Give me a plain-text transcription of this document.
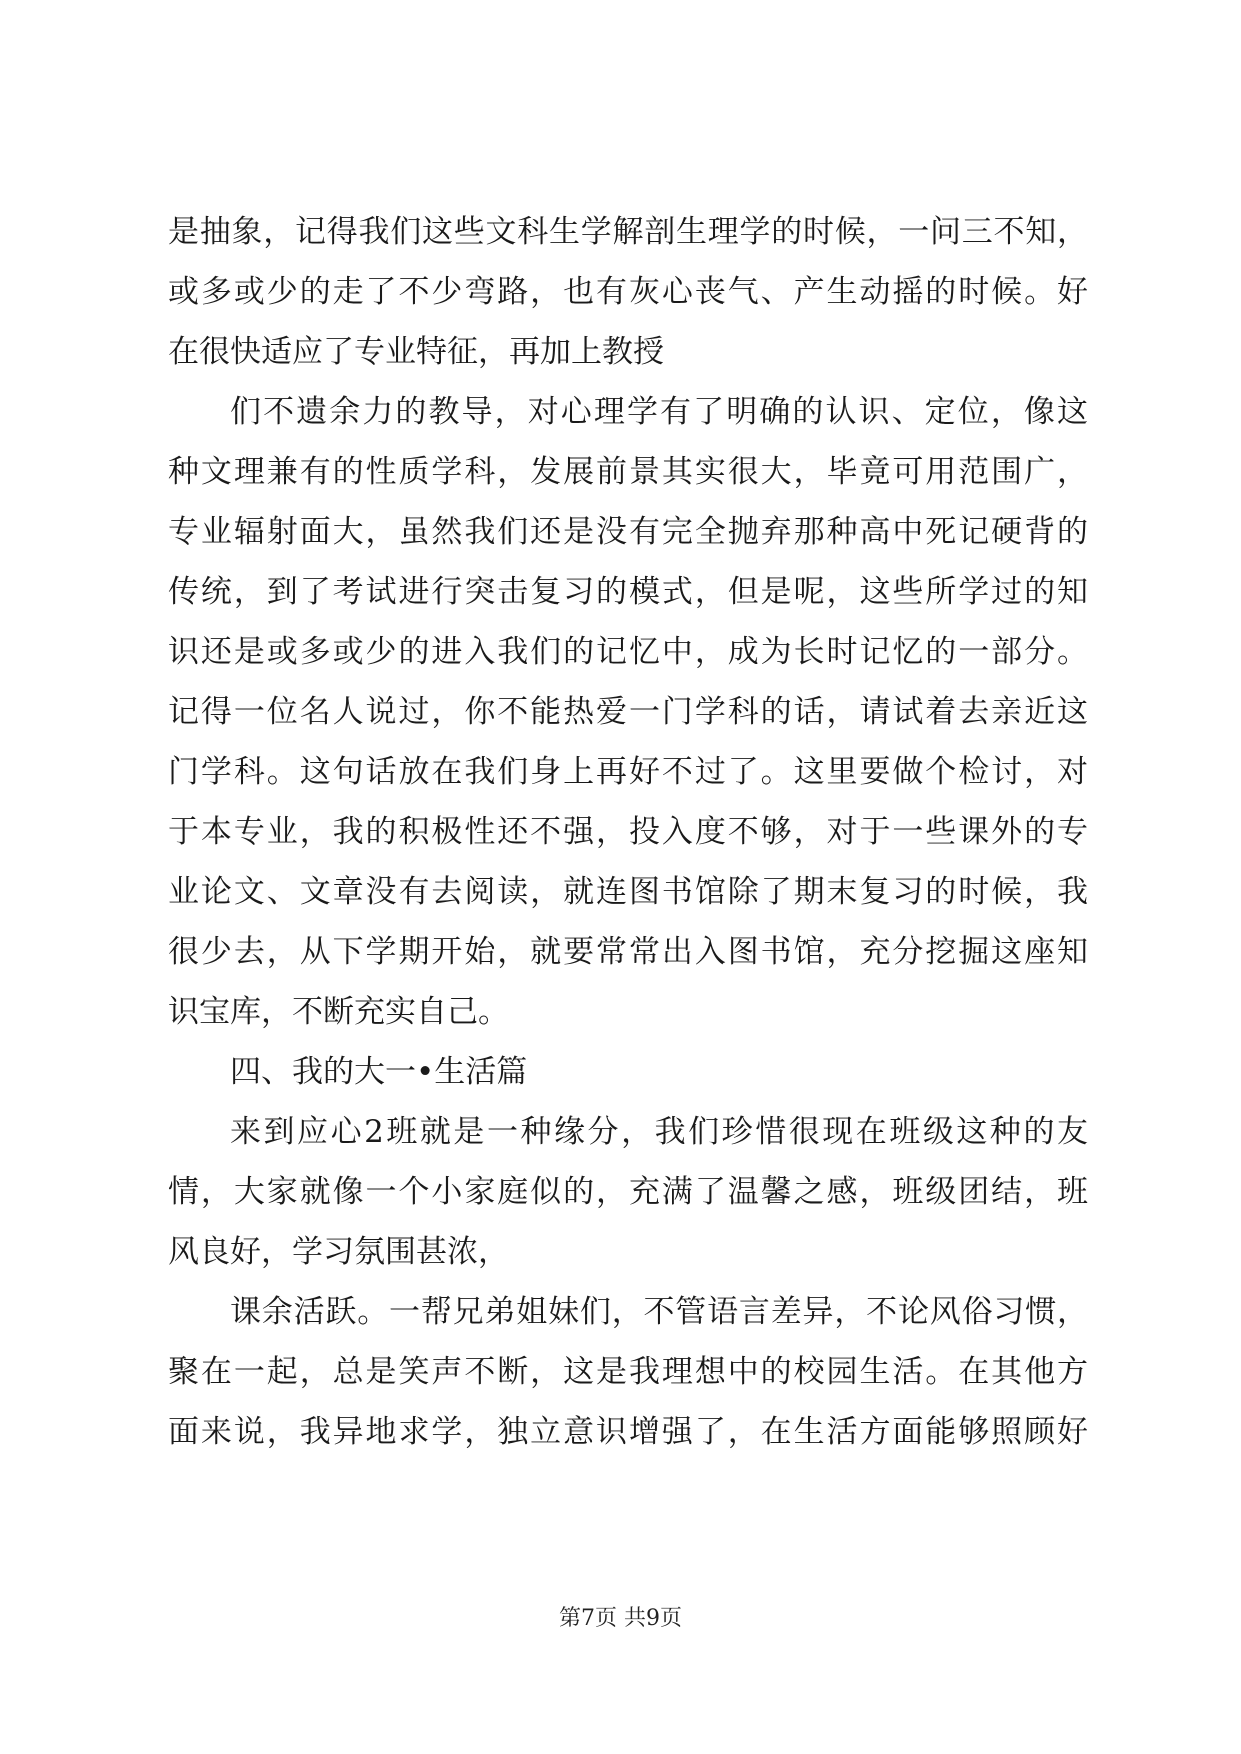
是抽象，记得我们这些文科生学解剖生理学的时候，一问三不知，
或多或少的走了不少弯路，也有灰心丧气、产生动摇的时候。好
在很快适应了专业特征，再加上教授
们不遗余力的教导，对心理学有了明确的认识、定位，像这
种文理兼有的性质学科，发展前景其实很大，毕竟可用范围广，
专业辐射面大，虽然我们还是没有完全抛弃那种高中死记硬背的
传统，到了考试进行突击复习的模式，但是呢，这些所学过的知
识还是或多或少的进入我们的记忆中，成为长时记忆的一部分。
记得一位名人说过，你不能热爱一门学科的话，请试着去亲近这
门学科。这句话放在我们身上再好不过了。这里要做个检讨，对
于本专业，我的积极性还不强，投入度不够，对于一些课外的专
业论文、文章没有去阅读，就连图书馆除了期末复习的时候，我
很少去，从下学期开始，就要常常出入图书馆，充分挖掘这座知
识宝库，不断充实自己。
四、我的大一•生活篇
来到应心2班就是一种缘分，我们珍惜很现在班级这种的友
情，大家就像一个小家庭似的，充满了温馨之感，班级团结，班
风良好，学习氛围甚浓，
课余活跃。一帮兄弟姐妹们，不管语言差异，不论风俗习惯，
聚在一起，总是笑声不断，这是我理想中的校园生活。在其他方
面来说，我异地求学，独立意识增强了，在生活方面能够照顾好
第7页 共9页
